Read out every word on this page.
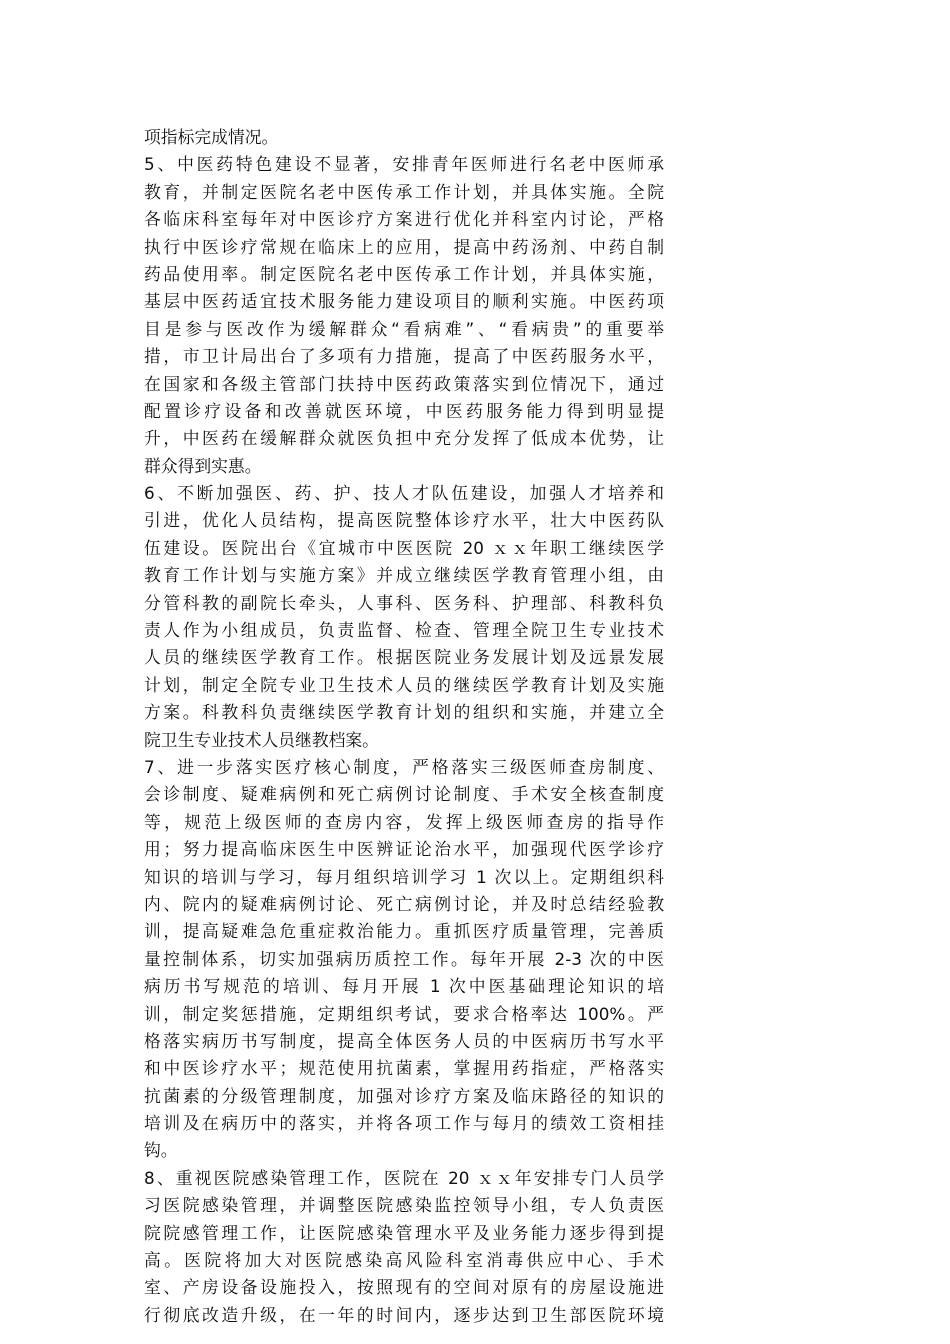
项指标完成情况。
5、中医药特色建设不显著，安排青年医师进行名老中医师承
教育，并制定医院名老中医传承工作计划，并具体实施。全院
各临床科室每年对中医诊疗方案进行优化并科室内讨论，严格
执行中医诊疗常规在临床上的应用，提高中药汤剂、中药自制
药品使用率。制定医院名老中医传承工作计划，并具体实施，
基层中医药适宜技术服务能力建设项目的顺利实施。中医药项
目是参与医改作为缓解群众“看病难”、“看病贵”的重要举
措，市卫计局出台了多项有力措施，提高了中医药服务水平，
在国家和各级主管部门扶持中医药政策落实到位情况下，通过
配置诊疗设备和改善就医环境，中医药服务能力得到明显提
升，中医药在缓解群众就医负担中充分发挥了低成本优势，让
群众得到实惠。
6、不断加强医、药、护、技人才队伍建设，加强人才培养和
引进，优化人员结构，提高医院整体诊疗水平，壮大中医药队
伍建设。医院出台《宜城市中医医院 20 ｘｘ年职工继续医学
教育工作计划与实施方案》并成立继续医学教育管理小组，由
分管科教的副院长牵头，人事科、医务科、护理部、科教科负
责人作为小组成员，负责监督、检查、管理全院卫生专业技术
人员的继续医学教育工作。根据医院业务发展计划及远景发展
计划，制定全院专业卫生技术人员的继续医学教育计划及实施
方案。科教科负责继续医学教育计划的组织和实施，并建立全
院卫生专业技术人员继教档案。
7、进一步落实医疗核心制度，严格落实三级医师查房制度、
会诊制度、疑难病例和死亡病例讨论制度、手术安全核查制度
等，规范上级医师的查房内容，发挥上级医师查房的指导作
用；努力提高临床医生中医辨证论治水平，加强现代医学诊疗
知识的培训与学习，每月组织培训学习 1 次以上。定期组织科
内、院内的疑难病例讨论、死亡病例讨论，并及时总结经验教
训，提高疑难急危重症救治能力。重抓医疗质量管理，完善质
量控制体系，切实加强病历质控工作。每年开展 2-3 次的中医
病历书写规范的培训、每月开展 1 次中医基础理论知识的培
训，制定奖惩措施，定期组织考试，要求合格率达 100%。严
格落实病历书写制度，提高全体医务人员的中医病历书写水平
和中医诊疗水平；规范使用抗菌素，掌握用药指症，严格落实
抗菌素的分级管理制度，加强对诊疗方案及临床路径的知识的
培训及在病历中的落实，并将各项工作与每月的绩效工资相挂
钩。
8、重视医院感染管理工作，医院在 20 ｘｘ年安排专门人员学
习医院感染管理，并调整医院感染监控领导小组，专人负责医
院院感管理工作，让医院感染管理水平及业务能力逐步得到提
高。医院将加大对医院感染高风险科室消毒供应中心、手术
室、产房设备设施投入，按照现有的空间对原有的房屋设施进
行彻底改造升级，在一年的时间内，逐步达到卫生部医院环境
